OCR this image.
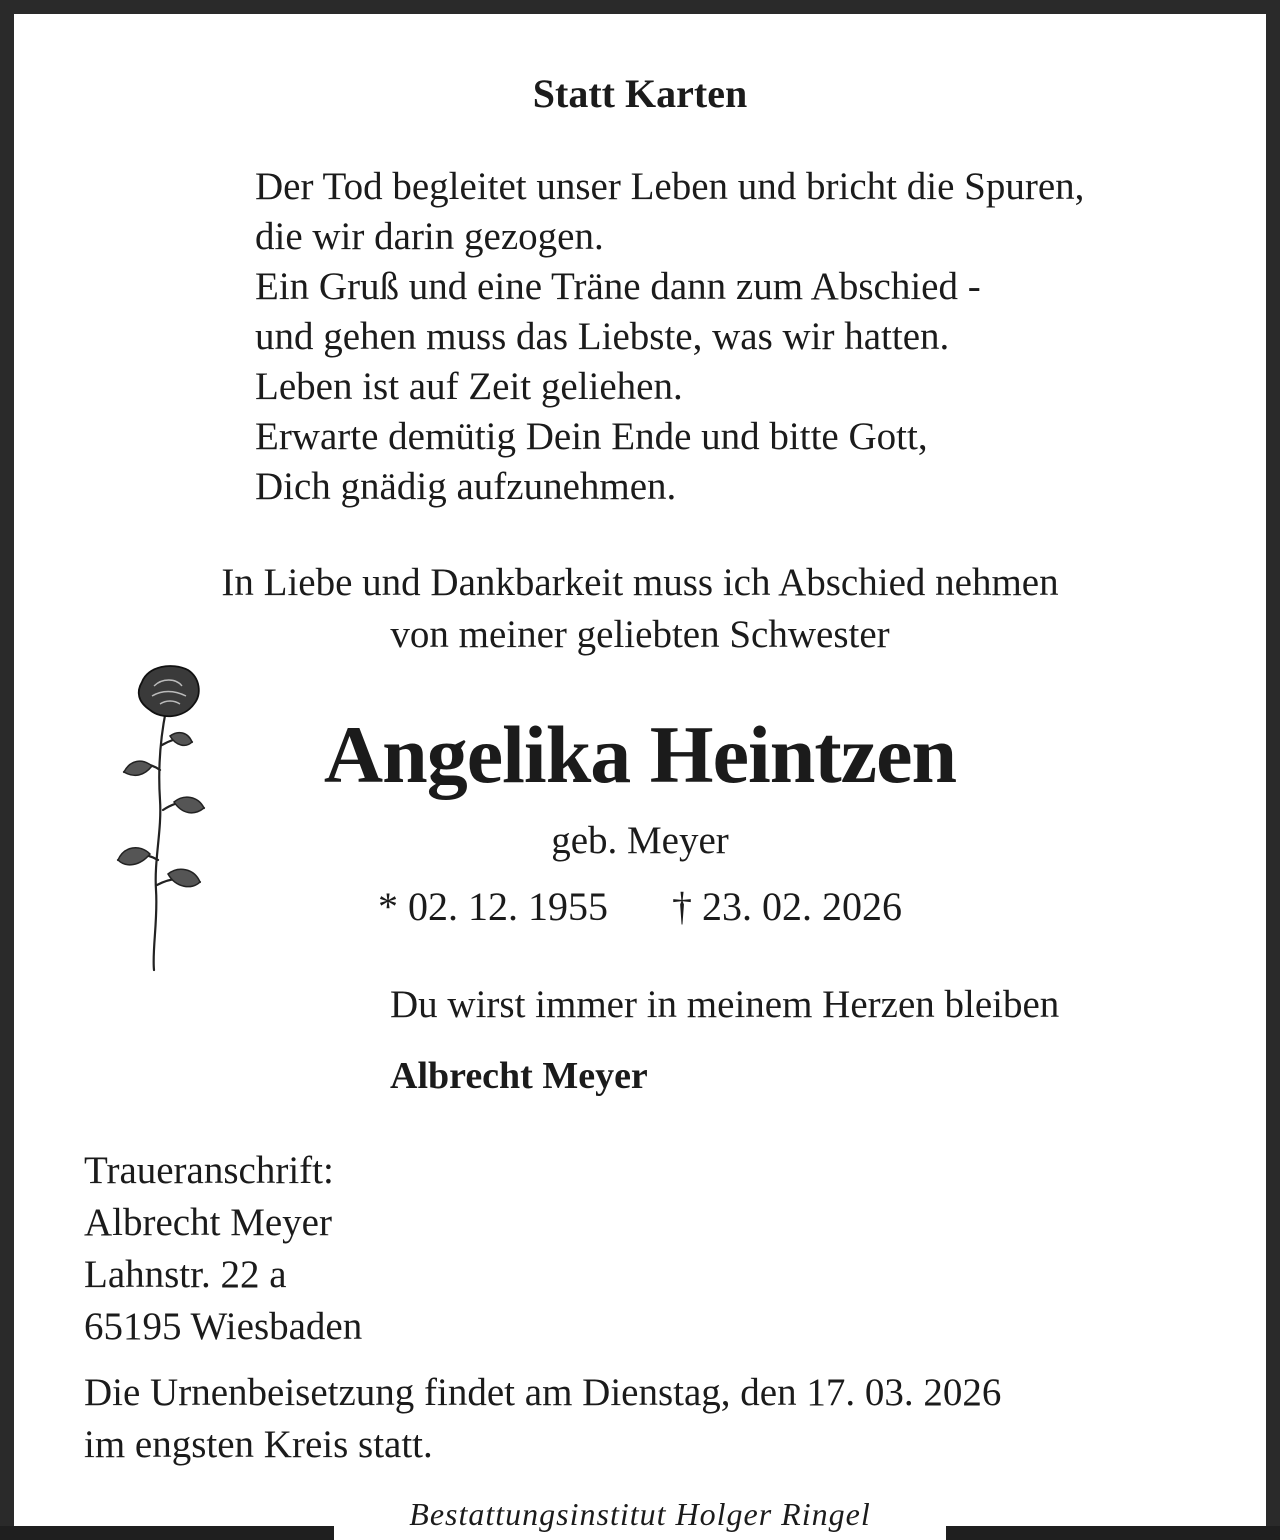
Statt Karten
Der Tod begleitet unser Leben und bricht die Spuren,
die wir darin gezogen.
Ein Gruß und eine Träne dann zum Abschied -
und gehen muss das Liebste, was wir hatten.
Leben ist auf Zeit geliehen.
Erwarte demütig Dein Ende und bitte Gott,
Dich gnädig aufzunehmen.
In Liebe und Dankbarkeit muss ich Abschied nehmen
von meiner geliebten Schwester
Angelika Heintzen
geb. Meyer
* 02. 12. 1955 † 23. 02. 2026
Du wirst immer in meinem Herzen bleiben
Albrecht Meyer
Traueranschrift:
Albrecht Meyer
Lahnstr. 22 a
65195 Wiesbaden
Die Urnenbeisetzung findet am Dienstag, den 17. 03. 2026
im engsten Kreis statt.
Bestattungsinstitut Holger Ringel
